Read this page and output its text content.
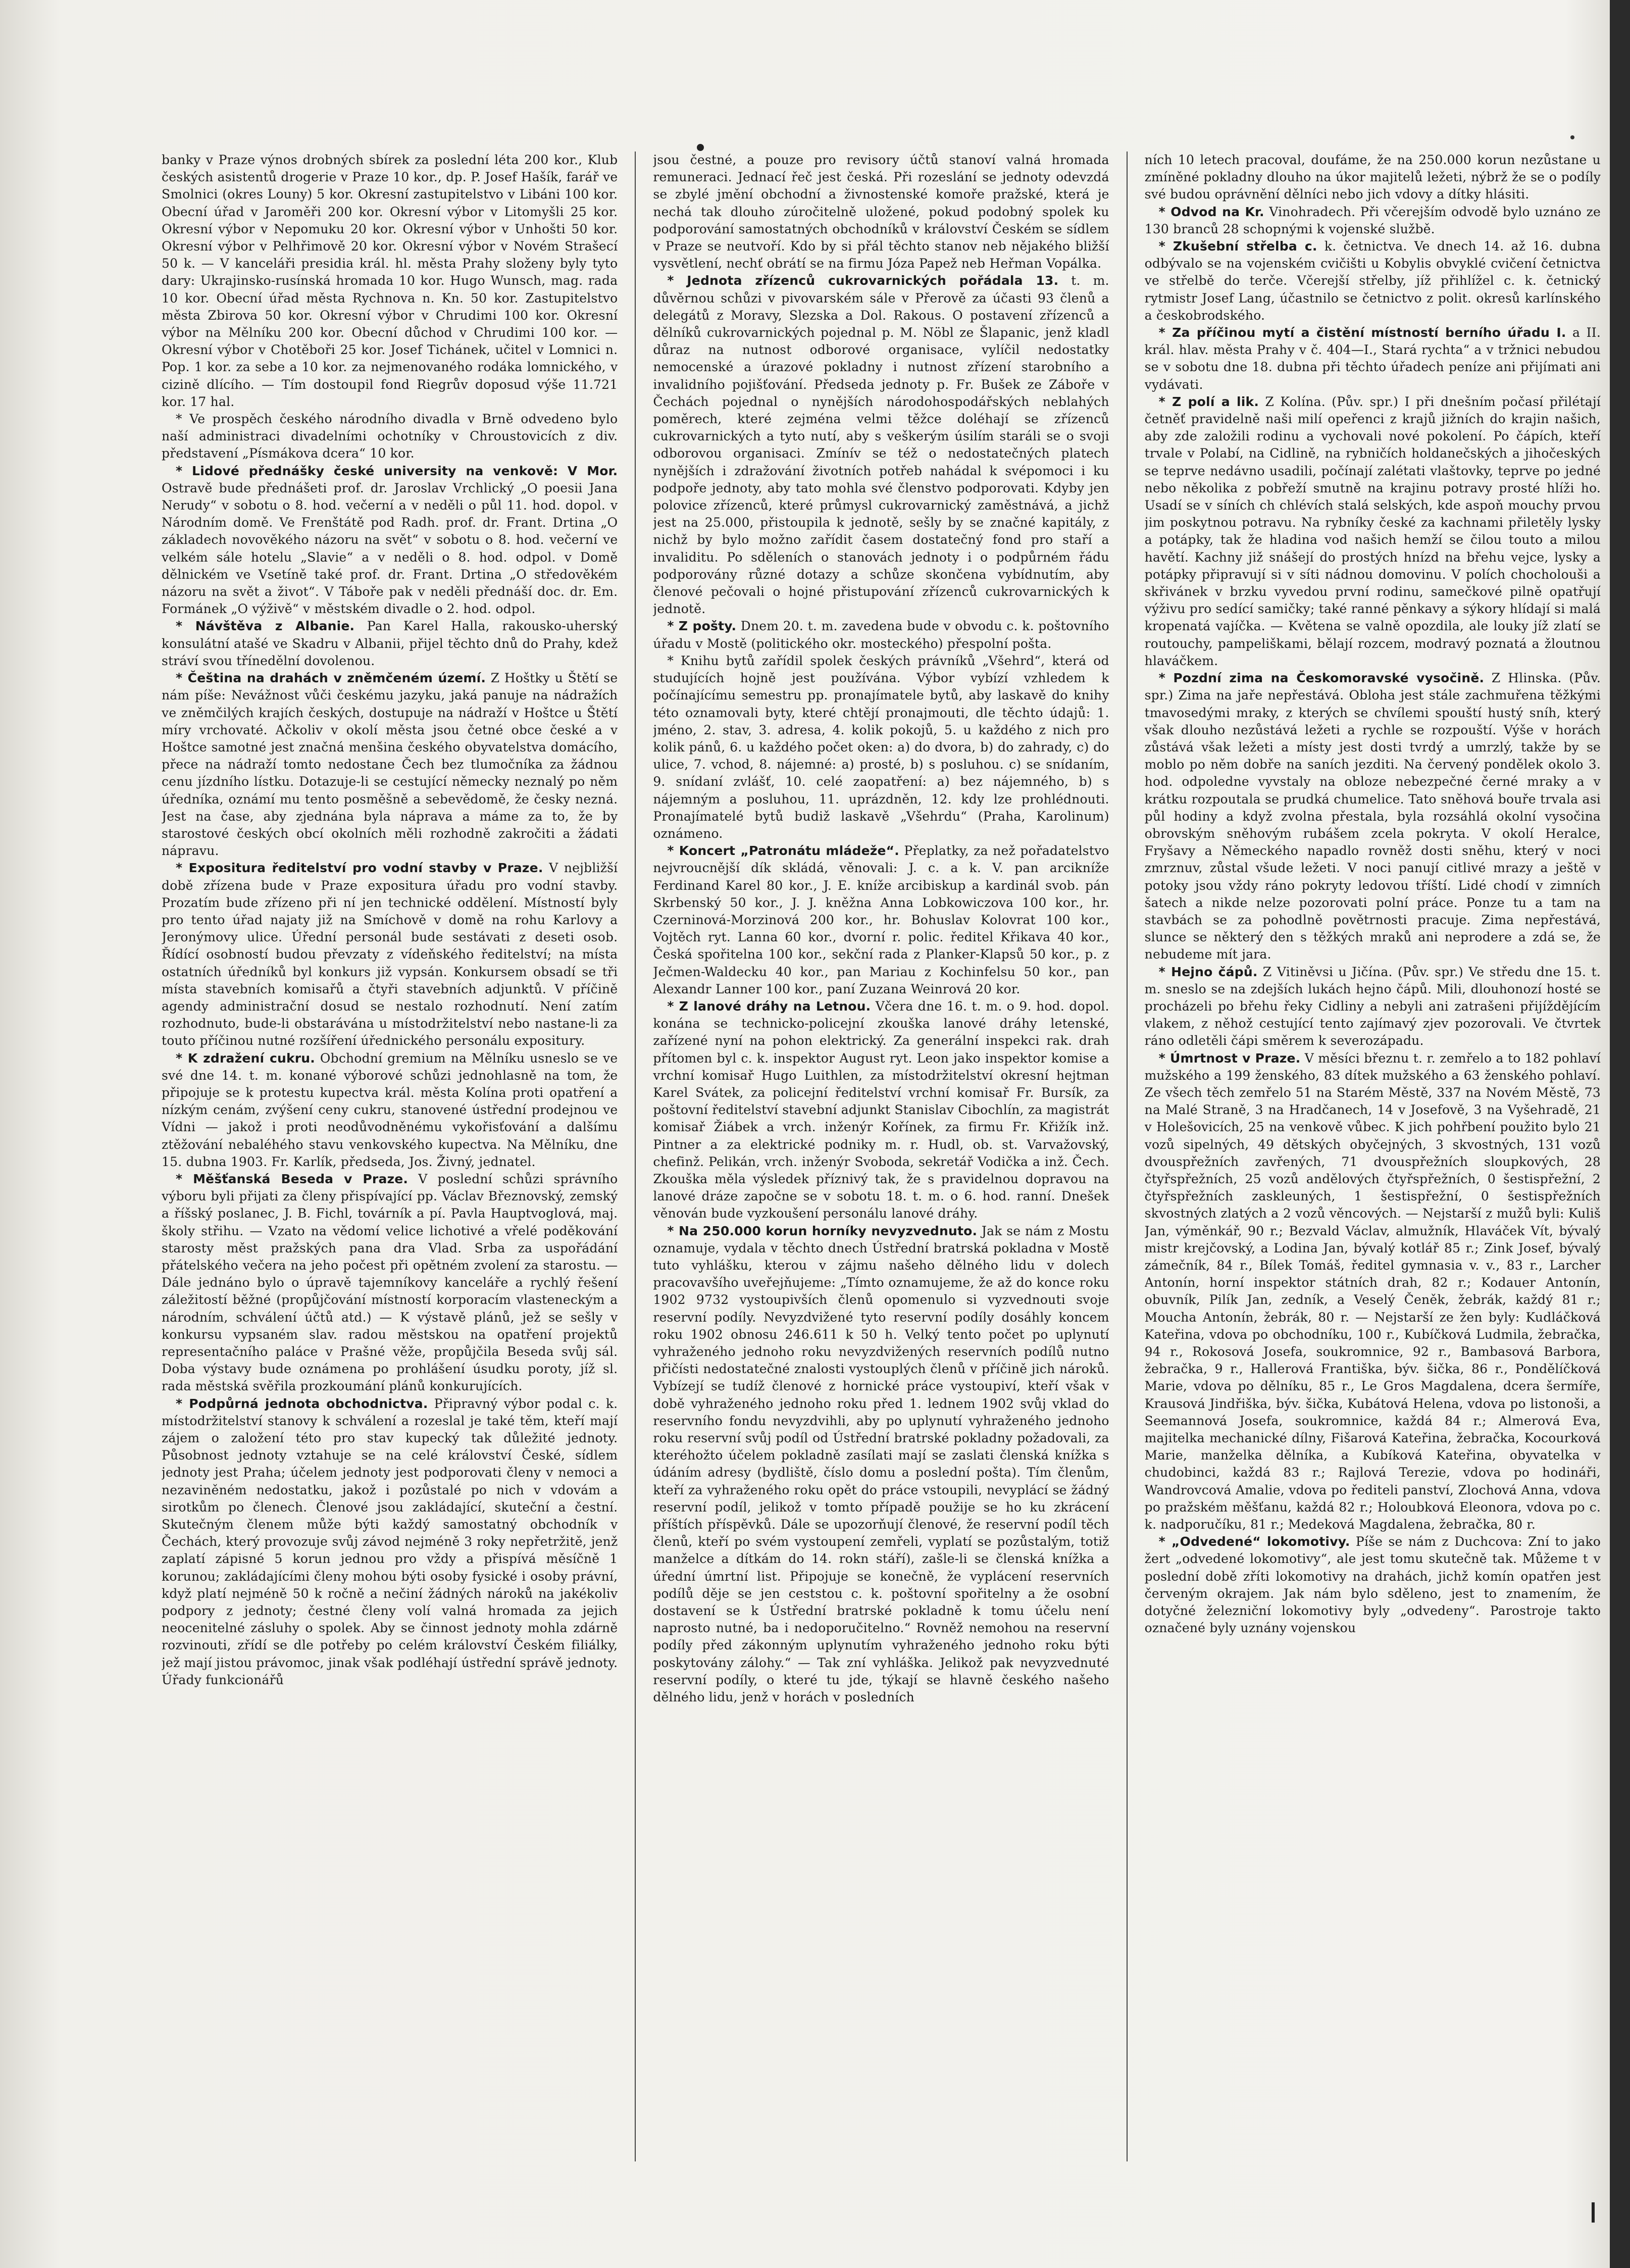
banky v Praze výnos drobných sbírek za poslední léta 200 kor., Klub českých asistentů drogerie v Praze 10 kor., dp. P. Josef Hašík, farář ve Smolnici (okres Louny) 5 kor. Okresní zastupitelstvo v Libáni 100 kor. Obecní úřad v Jaroměři 200 kor. Okresní výbor v Litomyšli 25 kor. Okresní výbor v Nepomuku 20 kor. Okresní výbor v Unhošti 50 kor. Okresní výbor v Pelhřimově 20 kor. Okresní výbor v Novém Strašecí 50 k. — V kanceláři presidia král. hl. města Prahy složeny byly tyto dary: Ukrajinsko-rusínská hromada 10 kor. Hugo Wunsch, mag. rada 10 kor. Obecní úřad města Rychnova n. Kn. 50 kor. Zastupitelstvo města Zbirova 50 kor. Okresní výbor v Chrudimi 100 kor. Okresní výbor na Mělníku 200 kor. Obecní důchod v Chrudimi 100 kor. — Okresní výbor v Chotěboři 25 kor. Josef Tichánek, učitel v Lomnici n. Pop. 1 kor. za sebe a 10 kor. za nejmenovaného rodáka lomnického, v cizině dlícího. — Tím dostoupil fond Riegrův doposud výše 11.721 kor. 17 hal.

* Ve prospěch českého národního divadla v Brně odvedeno bylo naší administraci divadelními ochotníky v Chroustovicích z div. představení „Písmákova dcera“ 10 kor.

* Lidové přednášky české university na venkově: V Mor. Ostravě bude přednášeti prof. dr. Jaroslav Vrchlický „O poesii Jana Nerudy“ v sobotu o 8. hod. večerní a v neděli o půl 11. hod. dopol. v Národním domě. Ve Frenštátě pod Radh. prof. dr. Frant. Drtina „O základech novověkého názoru na svět“ v sobotu o 8. hod. večerní ve velkém sále hotelu „Slavie“ a v neděli o 8. hod. odpol. v Domě dělnickém ve Vsetíně také prof. dr. Frant. Drtina „O středověkém názoru na svět a život“. V Táboře pak v neděli přednáší doc. dr. Em. Formánek „O výživě“ v městském divadle o 2. hod. odpol.

* Návštěva z Albanie. Pan Karel Halla, rakousko-uherský konsulátní atašé ve Skadru v Albanii, přijel těchto dnů do Prahy, kdež stráví svou třínedělní dovolenou.

* Čeština na drahách v zněmčeném území. Z Hoštky u Štětí se nám píše: Nevážnost vůči českému jazyku, jaká panuje na nádražích ve zněmčilých krajích českých, dostupuje na nádraží v Hoštce u Štětí míry vrchovaté. Ačkoliv v okolí města jsou četné obce české a v Hoštce samotné jest značná menšina českého obyvatelstva domácího, přece na nádraží tomto nedostane Čech bez tlumočníka za žádnou cenu jízdního lístku. Dotazuje-li se cestující německy neznalý po něm úředníka, oznámí mu tento posměšně a sebevědomě, že česky nezná. Jest na čase, aby zjednána byla náprava a máme za to, že by starostové českých obcí okolních měli rozhodně zakročiti a žádati nápravu.

* Expositura ředitelství pro vodní stavby v Praze. V nejbližší době zřízena bude v Praze expositura úřadu pro vodní stavby. Prozatím bude zřízeno při ní jen technické oddělení. Místností byly pro tento úřad najaty již na Smíchově v domě na rohu Karlovy a Jeronýmovy ulice. Úřední personál bude sestávati z deseti osob. Řídící osobností budou převzaty z vídeňského ředitelství; na místa ostatních úředníků byl konkurs již vypsán. Konkursem obsadí se tři místa stavebních komisařů a čtyři stavebních adjunktů. V příčině agendy administrační dosud se nestalo rozhodnutí. Není zatím rozhodnuto, bude-li obstarávána u místodržitelství nebo nastane-li za touto příčinou nutné rozšíření úřednického personálu expositury.

* K zdražení cukru. Obchodní gremium na Mělníku usneslo se ve své dne 14. t. m. konané výborové schůzi jednohlasně na tom, že připojuje se k protestu kupectva král. města Kolína proti opatření a nízkým cenám, zvýšení ceny cukru, stanovené ústřední prodejnou ve Vídni — jakož i proti neodůvodněnému vykořisťování a dalšímu ztěžování nebaléhého stavu venkovského kupectva. Na Mělníku, dne 15. dubna 1903. Fr. Karlík, předseda, Jos. Živný, jednatel.

* Měšťanská Beseda v Praze. V poslední schůzi správního výboru byli přijati za členy přispívající pp. Václav Březnovský, zemský a říšský poslanec, J. B. Fichl, továrník a pí. Pavla Hauptvoglová, maj. školy střihu. — Vzato na vědomí velice lichotivé a vřelé poděkování starosty měst pražských pana dra Vlad. Srba za uspořádání přátelského večera na jeho počest při opětném zvolení za starostu. — Dále jednáno bylo o úpravě tajemníkovy kanceláře a rychlý řešení záležitostí běžné (propůjčování místností korporacím vlasteneckým a národním, schválení účtů atd.) — K výstavě plánů, jež se sešly v konkursu vypsaném slav. radou městskou na opatření projektů representačního paláce v Prašné věže, propůjčila Beseda svůj sál. Doba výstavy bude oznámena po prohlášení úsudku poroty, jíž sl. rada městská svěřila prozkoumání plánů konkurujících.

* Podpůrná jednota obchodnictva. Připravný výbor podal c. k. místodržitelství stanovy k schválení a rozeslal je také těm, kteří mají zájem o založení této pro stav kupecký tak důležité jednoty. Působnost jednoty vztahuje se na celé království České, sídlem jednoty jest Praha; účelem jednoty jest podporovati členy v nemoci a nezaviněném nedostatku, jakož i pozůstalé po nich v vdovám a sirotkům po členech. Členové jsou zakládající, skuteční a čestní. Skutečným členem může býti každý samostatný obchodník v Čechách, který provozuje svůj závod nejméně 3 roky nepřetržitě, jenž zaplatí zápisné 5 korun jednou pro vždy a přispívá měsíčně 1 korunou; zakládajícími členy mohou býti osoby fysické i osoby právní, když platí nejméně 50 k ročně a nečiní žádných nároků na jakékoliv podpory z jednoty; čestné členy volí valná hromada za jejich neocenitelné zásluhy o spolek. Aby se činnost jednoty mohla zdárně rozvinouti, zřídí se dle potřeby po celém království Českém filiálky, jež mají jistou právomoc, jinak však podléhají ústřední správě jednoty. Úřady funkcionářů

jsou čestné, a pouze pro revisory účtů stanoví valná hromada remuneraci. Jednací řeč jest česká. Při rozeslání se jednoty odevzdá se zbylé jmění obchodní a živnostenské komoře pražské, která je nechá tak dlouho zúročitelně uložené, pokud podobný spolek ku podporování samostatných obchodníků v království Českém se sídlem v Praze se neutvoří. Kdo by si přál těchto stanov neb nějakého bližší vysvětlení, nechť obrátí se na firmu Józa Papež neb Heřman Vopálka.

* Jednota zřízenců cukrovarnických pořádala 13. t. m. důvěrnou schůzi v pivovarském sále v Přerově za účasti 93 členů a delegátů z Moravy, Slezska a Dol. Rakous. O postavení zřízenců a dělníků cukrovarnických pojednal p. M. Nöbl ze Šlapanic, jenž kladl důraz na nutnost odborové organisace, vylíčil nedostatky nemocenské a úrazové pokladny i nutnost zřízení starobního a invalidního pojišťování. Předseda jednoty p. Fr. Bušek ze Záboře v Čechách pojednal o nynějších národohospodářských neblahých poměrech, které zejména velmi těžce doléhají se zřízenců cukrovarnických a tyto nutí, aby s veškerým úsilím staráli se o svoji odborovou organisaci. Zmínív se též o nedostatečných platech nynějších i zdražování životních potřeb nahádal k svépomoci i ku podpoře jednoty, aby tato mohla své členstvo podporovati. Kdyby jen polovice zřízenců, které průmysl cukrovarnický zaměstnává, a jichž jest na 25.000, přistoupila k jednotě, sešly by se značné kapitály, z nichž by bylo možno zařídit časem dostatečný fond pro staří a invaliditu. Po sděleních o stanovách jednoty i o podpůrném řádu podporovány různé dotazy a schůze skončena vybídnutím, aby členové pečovali o hojné přistupování zřízenců cukrovarnických k jednotě.

* Z pošty. Dnem 20. t. m. zavedena bude v obvodu c. k. poštovního úřadu v Mostě (politického okr. mosteckého) přespolní pošta.

* Knihu bytů zařídil spolek českých právníků „Všehrd“, která od studujících hojně jest používána. Výbor vybízí vzhledem k počínajícímu semestru pp. pronajímatele bytů, aby laskavě do knihy této oznamovali byty, které chtějí pronajmouti, dle těchto údajů: 1. jméno, 2. stav, 3. adresa, 4. kolik pokojů, 5. u každého z nich pro kolik pánů, 6. u každého počet oken: a) do dvora, b) do zahrady, c) do ulice, 7. vchod, 8. nájemné: a) prosté, b) s posluhou. c) se snídaním, 9. snídaní zvlášť, 10. celé zaopatření: a) bez nájemného, b) s nájemným a posluhou, 11. uprázdněn, 12. kdy lze prohlédnouti. Pronajímatelé bytů budiž laskavě „Všehrdu“ (Praha, Karolinum) oznámeno.

* Koncert „Patronátu mládeže“. Přeplatky, za než pořadatelstvo nejvroucnější dík skládá, věnovali: J. c. a k. V. pan arcikníže Ferdinand Karel 80 kor., J. E. kníže arcibiskup a kardinál svob. pán Skrbenský 50 kor., J. J. kněžna Anna Lobkowiczova 100 kor., hr. Czerninová-Morzinová 200 kor., hr. Bohuslav Kolovrat 100 kor., Vojtěch ryt. Lanna 60 kor., dvorní r. polic. ředitel Křikava 40 kor., Česká spořitelna 100 kor., sekční rada z Planker-Klapsů 50 kor., p. z Ječmen-Waldecku 40 kor., pan Mariau z Kochinfelsu 50 kor., pan Alexandr Lanner 100 kor., paní Zuzana Weinrová 20 kor.

* Z lanové dráhy na Letnou. Včera dne 16. t. m. o 9. hod. dopol. konána se technicko-policejní zkouška lanové dráhy letenské, zařízené nyní na pohon elektrický. Za generální inspekci rak. drah přítomen byl c. k. inspektor August ryt. Leon jako inspektor komise a vrchní komisař Hugo Luithlen, za místodržitelství okresní hejtman Karel Svátek, za policejní ředitelství vrchní komisař Fr. Bursík, za poštovní ředitelství stavební adjunkt Stanislav Cibochlín, za magistrát komisař Žiábek a vrch. inženýr Kořínek, za firmu Fr. Křižík inž. Pintner a za elektrické podniky m. r. Hudl, ob. st. Varvažovský, chefinž. Pelikán, vrch. inženýr Svoboda, sekretář Vodička a inž. Čech. Zkouška měla výsledek příznivý tak, že s pravidelnou dopravou na lanové dráze započne se v sobotu 18. t. m. o 6. hod. ranní. Dnešek věnován bude vyzkoušení personálu lanové dráhy.

* Na 250.000 korun horníky nevyzvednuto. Jak se nám z Mostu oznamuje, vydala v těchto dnech Ústřední bratrská pokladna v Mostě tuto vyhlášku, kterou v zájmu našeho dělného lidu v dolech pracovavšího uveřejňujeme: „Tímto oznamujeme, že až do konce roku 1902 9732 vystoupivších členů opomenulo si vyzvednouti svoje reservní podíly. Nevyzdvižené tyto reservní podíly dosáhly koncem roku 1902 obnosu 246.611 k 50 h. Velký tento počet po uplynutí vyhraženého jednoho roku nevyzdvižených reservních podílů nutno přičísti nedostatečné znalosti vystouplých členů v příčině jich nároků. Vybízejí se tudíž členové z hornické práce vystoupiví, kteří však v době vyhraženého jednoho roku před 1. lednem 1902 svůj vklad do reservního fondu nevyzdvihli, aby po uplynutí vyhraženého jednoho roku reservní svůj podíl od Ústřední bratrské pokladny požadovali, za kteréhožto účelem pokladně zasílati mají se zaslati členská knížka s údáním adresy (bydliště, číslo domu a poslední pošta). Tím členům, kteří za vyhraženého roku opět do práce vstoupili, nevyplácí se žádný reservní podíl, jelikož v tomto případě použije se ho ku zkrácení příštích příspěvků. Dále se upozorňují členové, že reservní podíl těch členů, kteří po svém vystoupení zemřeli, vyplatí se pozůstalým, totiž manželce a dítkám do 14. rokn stáří), zašle-li se členská knížka a úřední úmrtní list. Připojuje se konečně, že vyplácení reservních podílů děje se jen ceststou c. k. poštovní spořitelny a že osobní dostavení se k Ústřední bratrské pokladně k tomu účelu není naprosto nutné, ba i nedoporučitelno.“ Rovněž nemohou na reservní podíly před zákonným uplynutím vyhraženého jednoho roku býti poskytovány zálohy.“ — Tak zní vyhláška. Jelikož pak nevyzvednuté reservní podíly, o které tu jde, týkají se hlavně českého našeho dělného lidu, jenž v horách v posledních

ních 10 letech pracoval, doufáme, že na 250.000 korun nezůstane u zmíněné pokladny dlouho na úkor majitelů ležeti, nýbrž že se o podíly své budou oprávnění dělníci nebo jich vdovy a dítky hlásiti.

* Odvod na Kr. Vinohradech. Při včerejším odvodě bylo uznáno ze 130 branců 28 schopnými k vojenské službě.

* Zkušební střelba c. k. četnictva. Ve dnech 14. až 16. dubna odbývalo se na vojenském cvičišti u Kobylis obvyklé cvičení četnictva ve střelbě do terče. Včerejší střelby, jíž přihlížel c. k. četnický rytmistr Josef Lang, účastnilo se četnictvo z polit. okresů karlínského a českobrodského.

* Za příčinou mytí a čistění místností berního úřadu I. a II. král. hlav. města Prahy v č. 404—I., Stará rychta“ a v tržnici nebudou se v sobotu dne 18. dubna při těchto úřadech peníze ani přijímati ani vydávati.

* Z polí a lik. Z Kolína. (Pův. spr.) I při dnešním počasí přilétají četněť pravidelně naši milí opeřenci z krajů jižních do krajin našich, aby zde založili rodinu a vychovali nové pokolení. Po čápích, kteří trvale v Polabí, na Cidlině, na rybničích holdanečských a jihočeských se teprve nedávno usadili, počínají zalétati vlaštovky, teprve po jedné nebo několika z pobřeží smutně na krajinu potravy prosté hlíži ho. Usadí se v síních ch chlévích stalá selských, kde aspoň mouchy prvou jim poskytnou potravu. Na rybníky české za kachnami přiletěly lysky a potápky, tak že hladina vod našich hemží se čilou touto a milou havětí. Kachny již snášejí do prostých hnízd na břehu vejce, lysky a potápky připravují si v síti nádnou domovinu. V polích chocholouši a skřivánek v brzku vyvedou první rodinu, samečkové pilně opatřují výživu pro sedící samičky; také ranné pěnkavy a sýkory hlídají si malá kropenatá vajíčka. — Květena se valně opozdila, ale louky jíž zlatí se routouchy, pampeliškami, bělají rozcem, modravý poznatá a žloutnou hlaváčkem.

* Pozdní zima na Českomoravské vysočině. Z Hlinska. (Pův. spr.) Zima na jaře nepřestává. Obloha jest stále zachmuřena těžkými tmavosedými mraky, z kterých se chvílemi spouští hustý sníh, který však dlouho nezůstává ležeti a rychle se rozpouští. Výše v horách zůstává však ležeti a místy jest dosti tvrdý a umrzlý, takže by se moblo po něm dobře na saních jezditi. Na červený pondělek okolo 3. hod. odpoledne vyvstaly na obloze nebezpečné černé mraky a v krátku rozpoutala se prudká chumelice. Tato sněhová bouře trvala asi půl hodiny a když zvolna přestala, byla rozsáhlá okolní vysočina obrovským sněhovým rubášem zcela pokryta. V okolí Heralce, Fryšavy a Německého napadlo rovněž dosti sněhu, který v noci zmrznuv, zůstal všude ležeti. V noci panují citlivé mrazy a ještě v potoky jsou vždy ráno pokryty ledovou tříští. Lidé chodí v zimních šatech a nikde nelze pozorovati polní práce. Ponze tu a tam na stavbách se za pohodlně povětrnosti pracuje. Zima nepřestává, slunce se některý den s těžkých mraků ani neprodere a zdá se, že nebudeme mít jara.

* Hejno čápů. Z Vitiněvsi u Jičína. (Pův. spr.) Ve středu dne 15. t. m. sneslo se na zdejších lukách hejno čápů. Mili, dlouhonozí hosté se procházeli po břehu řeky Cidliny a nebyli ani zatrašeni přijíždějícím vlakem, z něhož cestující tento zajímavý zjev pozorovali. Ve čtvrtek ráno odletěli čápi směrem k severozápadu.

* Úmrtnost v Praze. V měsíci březnu t. r. zemřelo a to 182 pohlaví mužského a 199 ženského, 83 dítek mužského a 63 ženského pohlaví. Ze všech těch zemřelo 51 na Starém Městě, 337 na Novém Městě, 73 na Malé Straně, 3 na Hradčanech, 14 v Josefově, 3 na Vyšehradě, 21 v Holešovicích, 25 na venkově vůbec. K jich pohřbení použito bylo 21 vozů sipelných, 49 dětských obyčejných, 3 skvostných, 131 vozů dvouspřežních zavřených, 71 dvouspřežních sloupkových, 28 čtyřspřežních, 25 vozů andělových čtyřspřežních, 0 šestispřežní, 2 čtyřspřežních zaskleuných, 1 šestispřežní, 0 šestispřežních skvostných zlatých a 2 vozů věncových. — Nejstarší z mužů byli: Kuliš Jan, výměnkář, 90 r.; Bezvald Václav, almužník, Hlaváček Vít, bývalý mistr krejčovský, a Lodina Jan, bývalý kotlář 85 r.; Zink Josef, bývalý zámečník, 84 r., Bílek Tomáš, ředitel gymnasia v. v., 83 r., Larcher Antonín, horní inspektor státních drah, 82 r.; Kodauer Antonín, obuvník, Pilík Jan, zedník, a Veselý Čeněk, žebrák, každý 81 r.; Moucha Antonín, žebrák, 80 r. — Nejstarší ze žen byly: Kudláčková Kateřina, vdova po obchodníku, 100 r., Kubíčková Ludmila, žebračka, 94 r., Rokosová Josefa, soukromnice, 92 r., Bambasová Barbora, žebračka, 9 r., Hallerová Františka, býv. šička, 86 r., Pondělíčková Marie, vdova po dělníku, 85 r., Le Gros Magdalena, dcera šermíře, Krausová Jindřiška, býv. šička, Kubátová Helena, vdova po listonoši, a Seemannová Josefa, soukromnice, každá 84 r.; Almerová Eva, majitelka mechanické dílny, Fišarová Kateřina, žebračka, Kocourková Marie, manželka dělníka, a Kubíková Kateřina, obyvatelka v chudobinci, každá 83 r.; Rajlová Terezie, vdova po hodináři, Wandrovcová Amalie, vdova po řediteli panství, Zlochová Anna, vdova po pražském měšťanu, každá 82 r.; Holoubková Eleonora, vdova po c. k. nadporučíku, 81 r.; Medeková Magdalena, žebračka, 80 r.

* „Odvedené“ lokomotivy. Píše se nám z Duchcova: Zní to jako žert „odvedené lokomotivy“, ale jest tomu skutečně tak. Můžeme t v poslední době zříti lokomotivy na drahách, jichž komín opatřen jest červeným okrajem. Jak nám bylo sděleno, jest to znamením, že dotyčné železniční lokomotivy byly „odvedeny“. Parostroje takto označené byly uznány vojenskou
